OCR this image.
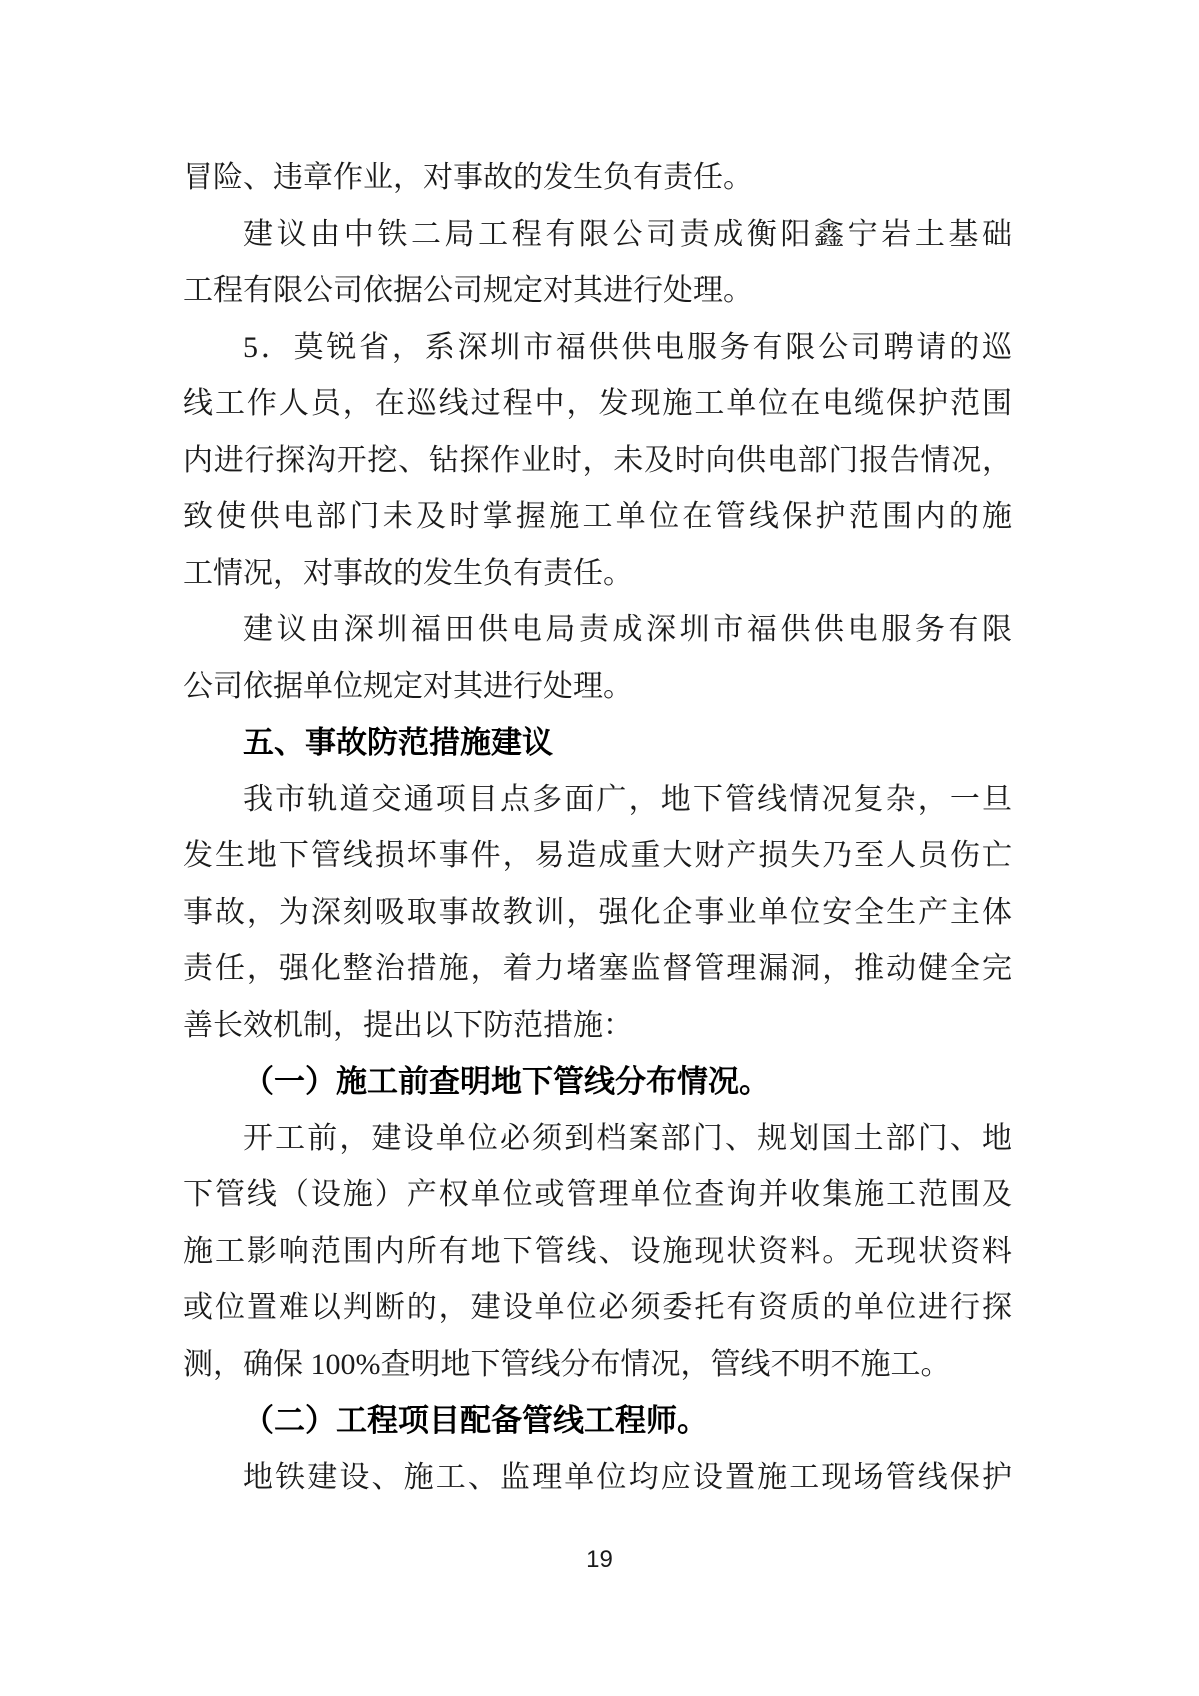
冒险、违章作业，对事故的发生负有责任。
建议由中铁二局工程有限公司责成衡阳鑫宁岩土基础
工程有限公司依据公司规定对其进行处理。
5．莫锐省，系深圳市福供供电服务有限公司聘请的巡
线工作人员，在巡线过程中，发现施工单位在电缆保护范围
内进行探沟开挖、钻探作业时，未及时向供电部门报告情况，
致使供电部门未及时掌握施工单位在管线保护范围内的施
工情况，对事故的发生负有责任。
建议由深圳福田供电局责成深圳市福供供电服务有限
公司依据单位规定对其进行处理。
五、事故防范措施建议
我市轨道交通项目点多面广，地下管线情况复杂，一旦
发生地下管线损坏事件，易造成重大财产损失乃至人员伤亡
事故，为深刻吸取事故教训，强化企事业单位安全生产主体
责任，强化整治措施，着力堵塞监督管理漏洞，推动健全完
善长效机制，提出以下防范措施：
（一）施工前查明地下管线分布情况。
开工前，建设单位必须到档案部门、规划国土部门、地
下管线（设施）产权单位或管理单位查询并收集施工范围及
施工影响范围内所有地下管线、设施现状资料。无现状资料
或位置难以判断的，建设单位必须委托有资质的单位进行探
测，确保 100%查明地下管线分布情况，管线不明不施工。
（二）工程项目配备管线工程师。
地铁建设、施工、监理单位均应设置施工现场管线保护
19
